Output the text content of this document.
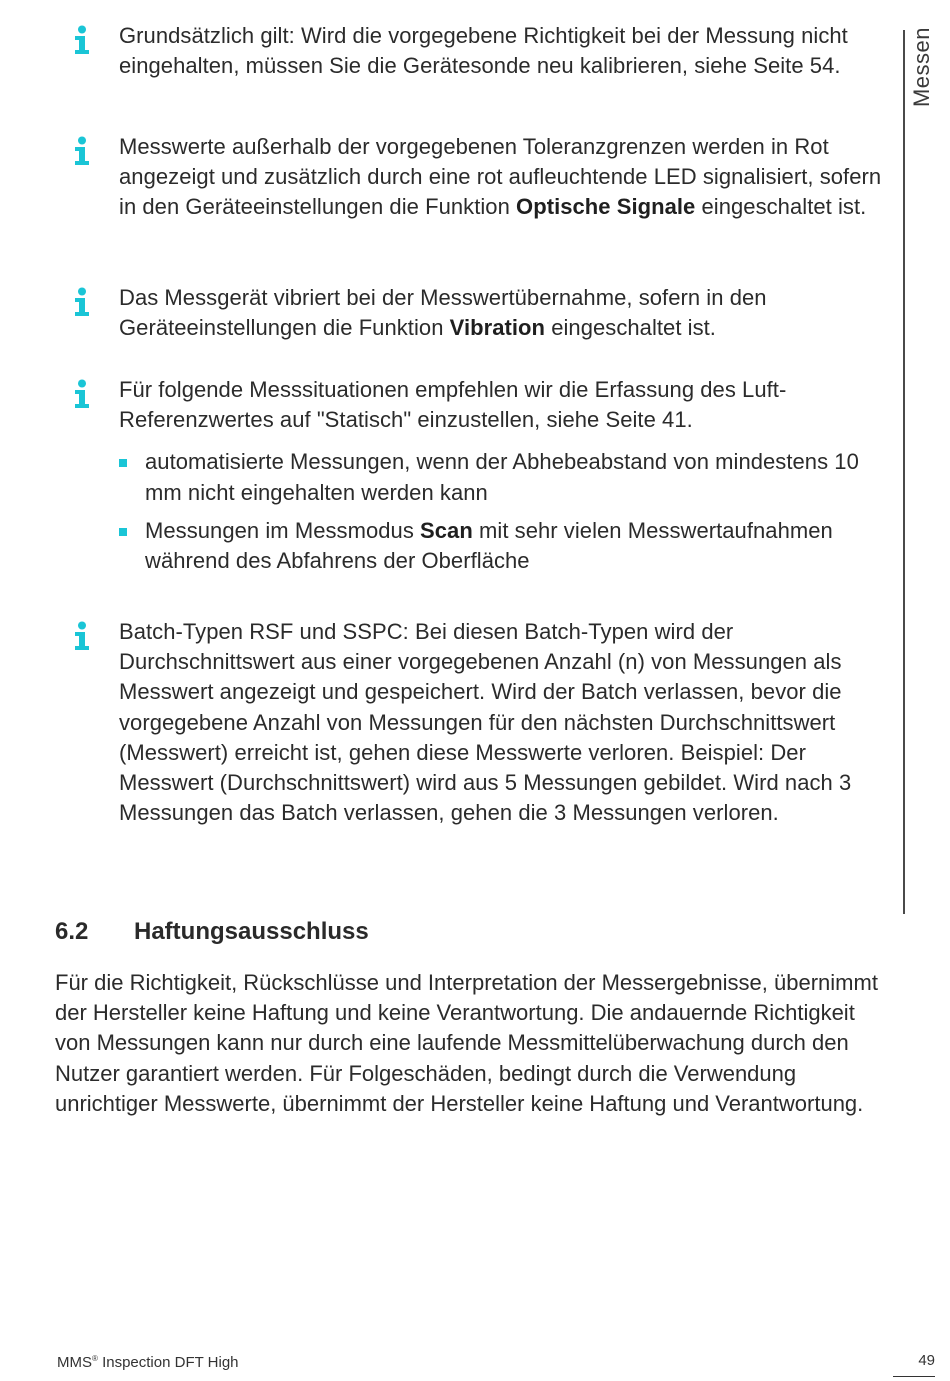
Messen
Grundsätzlich gilt: Wird die vorgegebene Richtigkeit bei der Messung nicht eingehalten, müssen Sie die Gerätesonde neu kalibrieren, siehe Seite 54.
Messwerte außerhalb der vorgegebenen Toleranzgrenzen werden in Rot angezeigt und zusätzlich durch eine rot aufleuchtende LED signalisiert, sofern in den Geräteeinstellungen die Funktion Optische Signale eingeschaltet ist.
Das Messgerät vibriert bei der Messwertübernahme, sofern in den Geräteeinstellungen die Funktion Vibration eingeschaltet ist.
Für folgende Messsituationen empfehlen wir die Erfassung des Luft-Referenzwertes auf "Statisch" einzustellen, siehe Seite 41.
automatisierte Messungen, wenn der Abhebeabstand von mindestens 10 mm nicht eingehalten werden kann
Messungen im Messmodus Scan mit sehr vielen Messwertaufnahmen während des Abfahrens der Oberfläche
Batch-Typen RSF und SSPC: Bei diesen Batch-Typen wird der Durchschnittswert aus einer vorgegebenen Anzahl (n) von Messungen als Messwert angezeigt und gespeichert. Wird der Batch verlassen, bevor die vorgegebene Anzahl von Messungen für den nächsten Durchschnittswert (Messwert) erreicht ist, gehen diese Messwerte verloren. Beispiel: Der Messwert (Durchschnittswert) wird aus 5 Messungen gebildet. Wird nach 3 Messungen das Batch verlassen, gehen die 3 Messungen verloren.
6.2 Haftungsausschluss
Für die Richtigkeit, Rückschlüsse und Interpretation der Messergebnisse, übernimmt der Hersteller keine Haftung und keine Verantwortung. Die andauernde Richtigkeit von Messungen kann nur durch eine laufende Messmittelüberwachung durch den Nutzer garantiert werden. Für Folgeschäden, bedingt durch die Verwendung unrichtiger Messwerte, übernimmt der Hersteller keine Haftung und Verantwortung.
MMS® Inspection DFT High	49
